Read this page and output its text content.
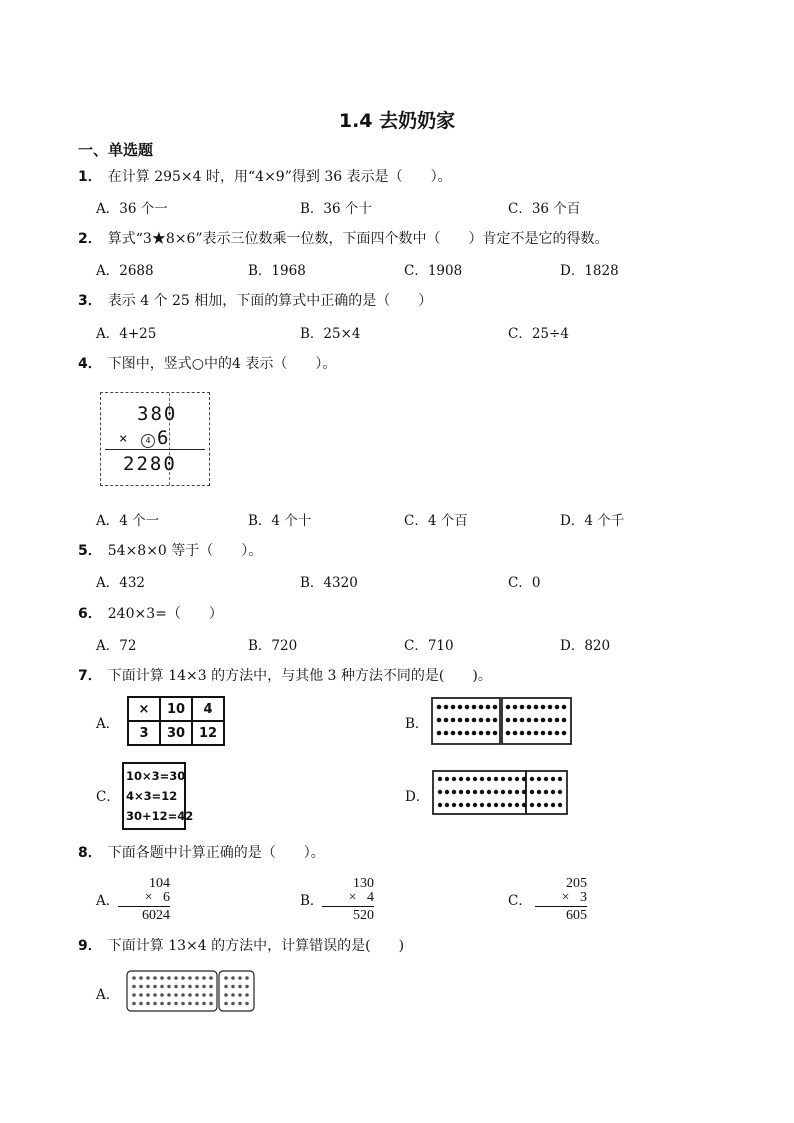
1.4 去奶奶家
一、单选题
1． 在计算 295×4 时，用“4×9”得到 36 表示是（　　）。
A．36 个一	B．36 个十	C．36 个百
2． 算式“3★8×6”表示三位数乘一位数，下面四个数中（　　）肯定不是它的得数。
A．2688	B．1968	C．1908	D．1828
3． 表示 4 个 25 相加，下面的算式中正确的是（　　）
A．4+25	B．25×4	C．25÷4
4． 下图中，竖式○中的4 表示（　　）。
380
×	4 6
2280
A．4 个一	B．4 个十	C．4 个百	D．4 个千
5． 54×8×0 等于（　　）。
A．432	B．4320	C．0
6． 240×3=（　　）
A．72	B．720	C．710	D．820
7． 下面计算 14×3 的方法中，与其他 3 种方法不同的是(　　)。
A．
×	10	4
3	30	12
B．
C．
10×3=30
4×3=12
30+12=42
D．
8． 下面各题中计算正确的是（　　）。
A．
104
× 6
6024
B．
130
× 4
520
C．
205
× 3
605
9． 下面计算 13×4 的方法中，计算错误的是(　　)
A．
